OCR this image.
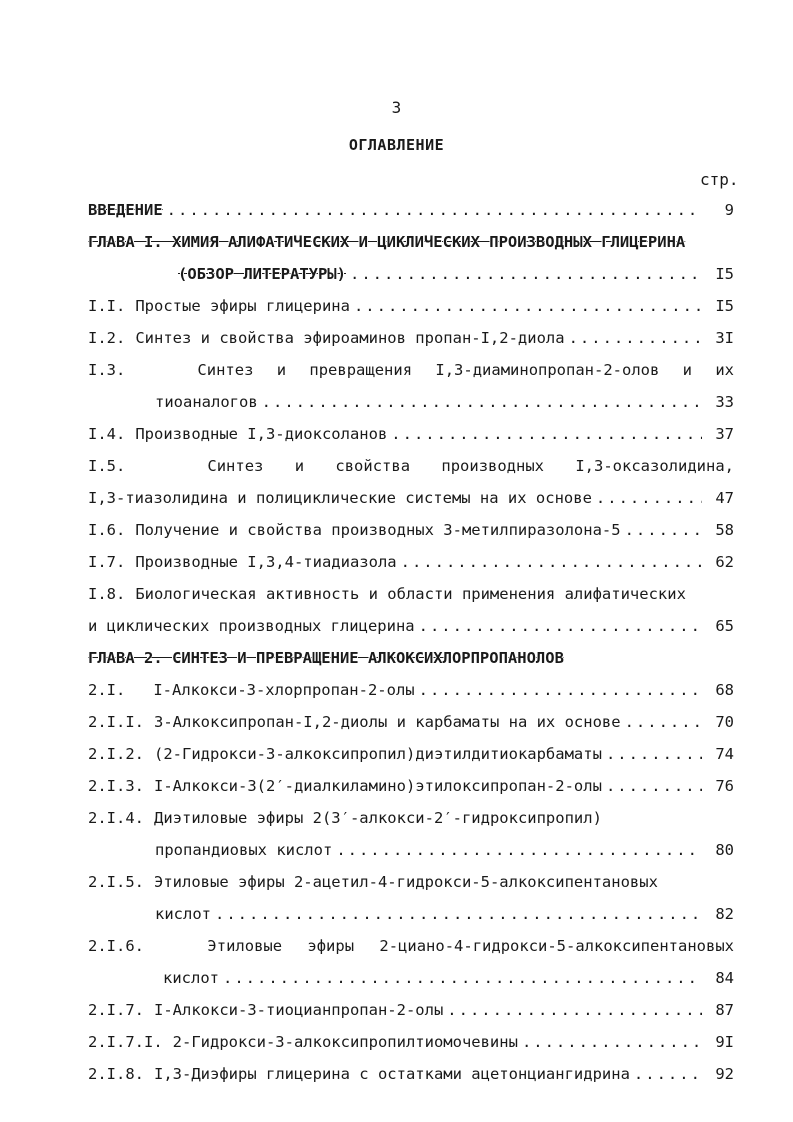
3
ОГЛАВЛЕНИЕ
стр.
ВВЕДЕНИЕ .....	9
ГЛАВА I. ХИМИЯ АЛИФАТИЧЕСКИХ И ЦИКЛИЧЕСКИХ ПРОИЗВОДНЫХ ГЛИЦЕРИНА
(ОБЗОР ЛИТЕРАТУРЫ) .....	I5
I.I. Простые эфиры глицерина .....	I5
I.2. Синтез и свойства эфироаминов пропан-I,2-диола .....	3I
I.3.	Синтез и превращения I,3-диаминопропан-2-олов и их
тиоаналогов .....	33
I.4. Производные I,3-диоксоланов .....	37
I.5.	Синтез и свойства производных I,3-оксазолидина,
I,3-тиазолидина и полициклические системы на их основе .....	47
I.6. Получение и свойства производных 3-метилпиразолона-5 .....	58
I.7. Производные I,3,4-тиадиазола .....	62
I.8. Биологическая активность и области применения алифатических
и циклических производных глицерина .....	65
ГЛАВА 2. СИНТЕЗ И ПРЕВРАЩЕНИЕ АЛКОКСИХЛОРПРОПАНОЛОВ
2.I. I-Алкокси-3-хлорпропан-2-олы .....	68
2.I.I. 3-Алкоксипропан-I,2-диолы и карбаматы на их основе .....	70
2.I.2. (2-Гидрокси-3-алкоксипропил)диэтилдитиокарбаматы .....	74
2.I.3. I-Алкокси-3(2′-диалкиламино)этилоксипропан-2-олы .....	76
2.I.4. Диэтиловые эфиры 2(3′-алкокси-2′-гидроксипропил)
пропандиовых кислот .....	80
2.I.5. Этиловые эфиры 2-ацетил-4-гидрокси-5-алкоксипентановых
кислот .....	82
2.I.6.	Этиловые эфиры 2-циано-4-гидрокси-5-алкоксипентановых
кислот .....	84
2.I.7. I-Алкокси-3-тиоцианпропан-2-олы .....	87
2.I.7.I. 2-Гидрокси-3-алкоксипропилтиомочевины .....	9I
2.I.8. I,3-Диэфиры глицерина с остатками ацетонциангидрина .....	92
